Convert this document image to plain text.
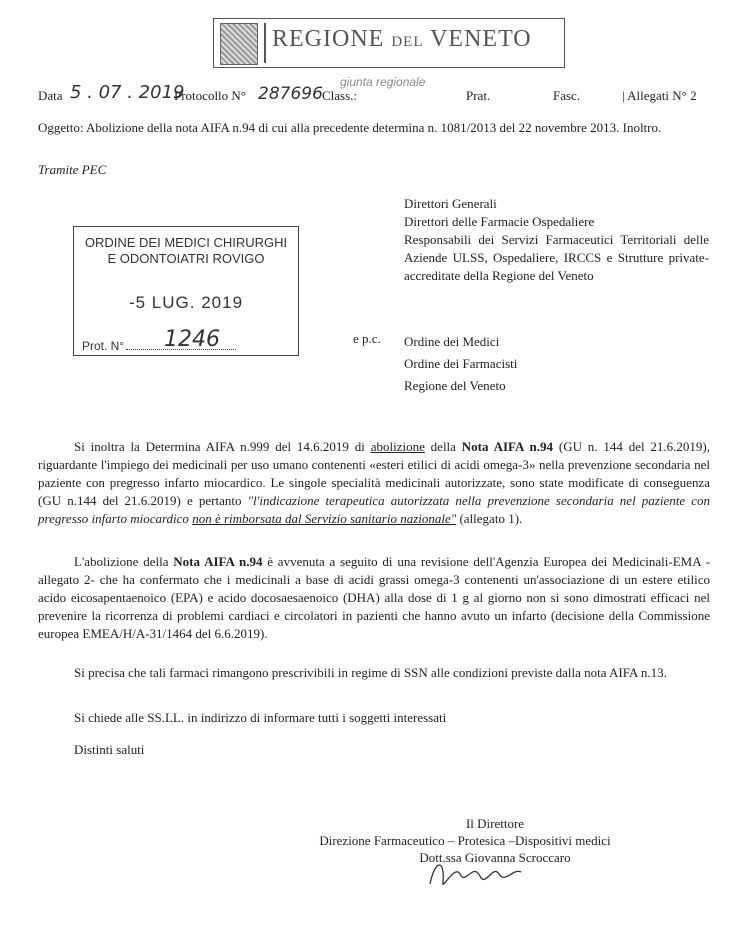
REGIONE DEL VENETO
giunta regionale
Data 5 . 07 . 2019
Protocollo N° 287696 Class.:	Prat.	Fasc.	| Allegati N° 2
Oggetto: Abolizione della nota AIFA n.94 di cui alla precedente determina n. 1081/2013 del 22 novembre 2013. Inoltro.
Tramite PEC
Direttori Generali
Direttori delle Farmacie Ospedaliere
Responsabili dei Servizi Farmaceutici Territoriali delle Aziende ULSS, Ospedaliere, IRCCS e Strutture private-accreditate della Regione del Veneto
ORDINE DEI MEDICI CHIRURGHI
E ODONTOIATRI ROVIGO
-5 LUG. 2019
Prot. N° 1246	e p.c. Ordine dei Medici
Ordine dei Farmacisti
Regione del Veneto

Si inoltra la Determina AIFA n.999 del 14.6.2019 di abolizione della Nota AIFA n.94 (GU n. 144 del 21.6.2019), riguardante l'impiego dei medicinali per uso umano contenenti «esteri etilici di acidi omega-3» nella prevenzione secondaria nel paziente con pregresso infarto miocardico. Le singole specialità medicinali autorizzate, sono state modificate di conseguenza (GU n.144 del 21.6.2019) e pertanto "l'indicazione terapeutica autorizzata nella prevenzione secondaria nel paziente con pregresso infarto miocardico non è rimborsata dal Servizio sanitario nazionale" (allegato 1).

L'abolizione della Nota AIFA n.94 è avvenuta a seguito di una revisione dell'Agenzia Europea dei Medicinali-EMA -allegato 2- che ha confermato che i medicinali a base di acidi grassi omega-3 contenenti un'associazione di un estere etilico acido eicosapentaenoico (EPA) e acido docosaesaenoico (DHA) alla dose di 1 g al giorno non si sono dimostrati efficaci nel prevenire la ricorrenza di problemi cardiaci e circolatori in pazienti che hanno avuto un infarto (decisione della Commissione europea EMEA/H/A-31/1464 del 6.6.2019).

Si precisa che tali farmaci rimangono prescrivibili in regime di SSN alle condizioni previste dalla nota AIFA n.13.

Si chiede alle SS.LL. in indirizzo di informare tutti i soggetti interessati

Distinti saluti

Il Direttore
Direzione Farmaceutico – Protesica –Dispositivi medici
Dott.ssa Giovanna Scroccaro
